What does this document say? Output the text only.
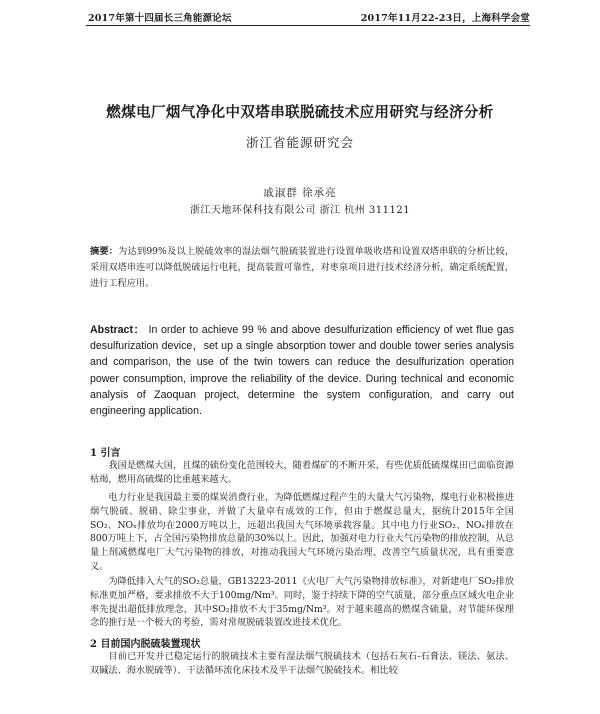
2017年第十四届长三角能源论坛	2017年11月22-23日，上海科学会堂
燃煤电厂烟气净化中双塔串联脱硫技术应用研究与经济分析
浙江省能源研究会
戚淑群 徐承亮
浙江天地环保科技有限公司 浙江 杭州 311121

摘要：为达到99%及以上脱硫效率的湿法烟气脱硫装置进行设置单吸收塔和设置双塔串联的分析比较，采用双塔串连可以降低脱硫运行电耗，提高装置可靠性，对枣泉项目进行技术经济分析，确定系统配置，进行工程应用。

Abstract： In order to achieve 99 % and above desulfurization efficiency of wet flue gas desulfurization device，set up a single absorption tower and double tower series analysis and comparison, the use of the twin towers can reduce the desulfurization operation power consumption, improve the reliability of the device. During technical and economic analysis of Zaoquan project, determine the system configuration, and carry out engineering application.

1 引言

我国是燃煤大国，且煤的硫份变化范围较大，随着煤矿的不断开采，有些优质低硫煤煤田已面临资源枯竭，燃用高硫煤的比重越来越大。

电力行业是我国最主要的煤炭消费行业，为降低燃煤过程产生的大量大气污染物，煤电行业积极推进烟气脱硫、脱硝、除尘事业，并做了大量卓有成效的工作，但由于燃煤总量大，据统计2015年全国SO₂、NOₓ排放均在2000万吨以上，远超出我国大气环境承载容量。其中电力行业SO₂、NOₓ排放在800万吨上下，占全国污染物排放总量的30%以上。因此，加强对电力行业大气污染物的排放控制，从总量上削减燃煤电厂大气污染物的排放，对推动我国大气环境污染治理、改善空气质量状况，具有重要意义。

为降低排入大气的SO₂总量，GB13223-2011《火电厂大气污染物排放标准》，对新建电厂SO₂排放标准更加严格，要求排放不大于100mg/Nm³。同时，鉴于持续下降的空气质量，部分重点区域火电企业率先提出超低排放理念，其中SO₂排放不大于35mg/Nm³。对于越来越高的燃煤含硫量，对节能环保理念的推行是一个极大的考验，需对常规脱硫装置改进技术优化。

2 目前国内脱硫装置现状

目前已开发并已稳定运行的脱硫技术主要有湿法烟气脱硫技术（包括石灰石-石膏法、镁法、氨法、双碱法、海水脱硫等）、干法循环流化床技术及半干法烟气脱硫技术。相比较
